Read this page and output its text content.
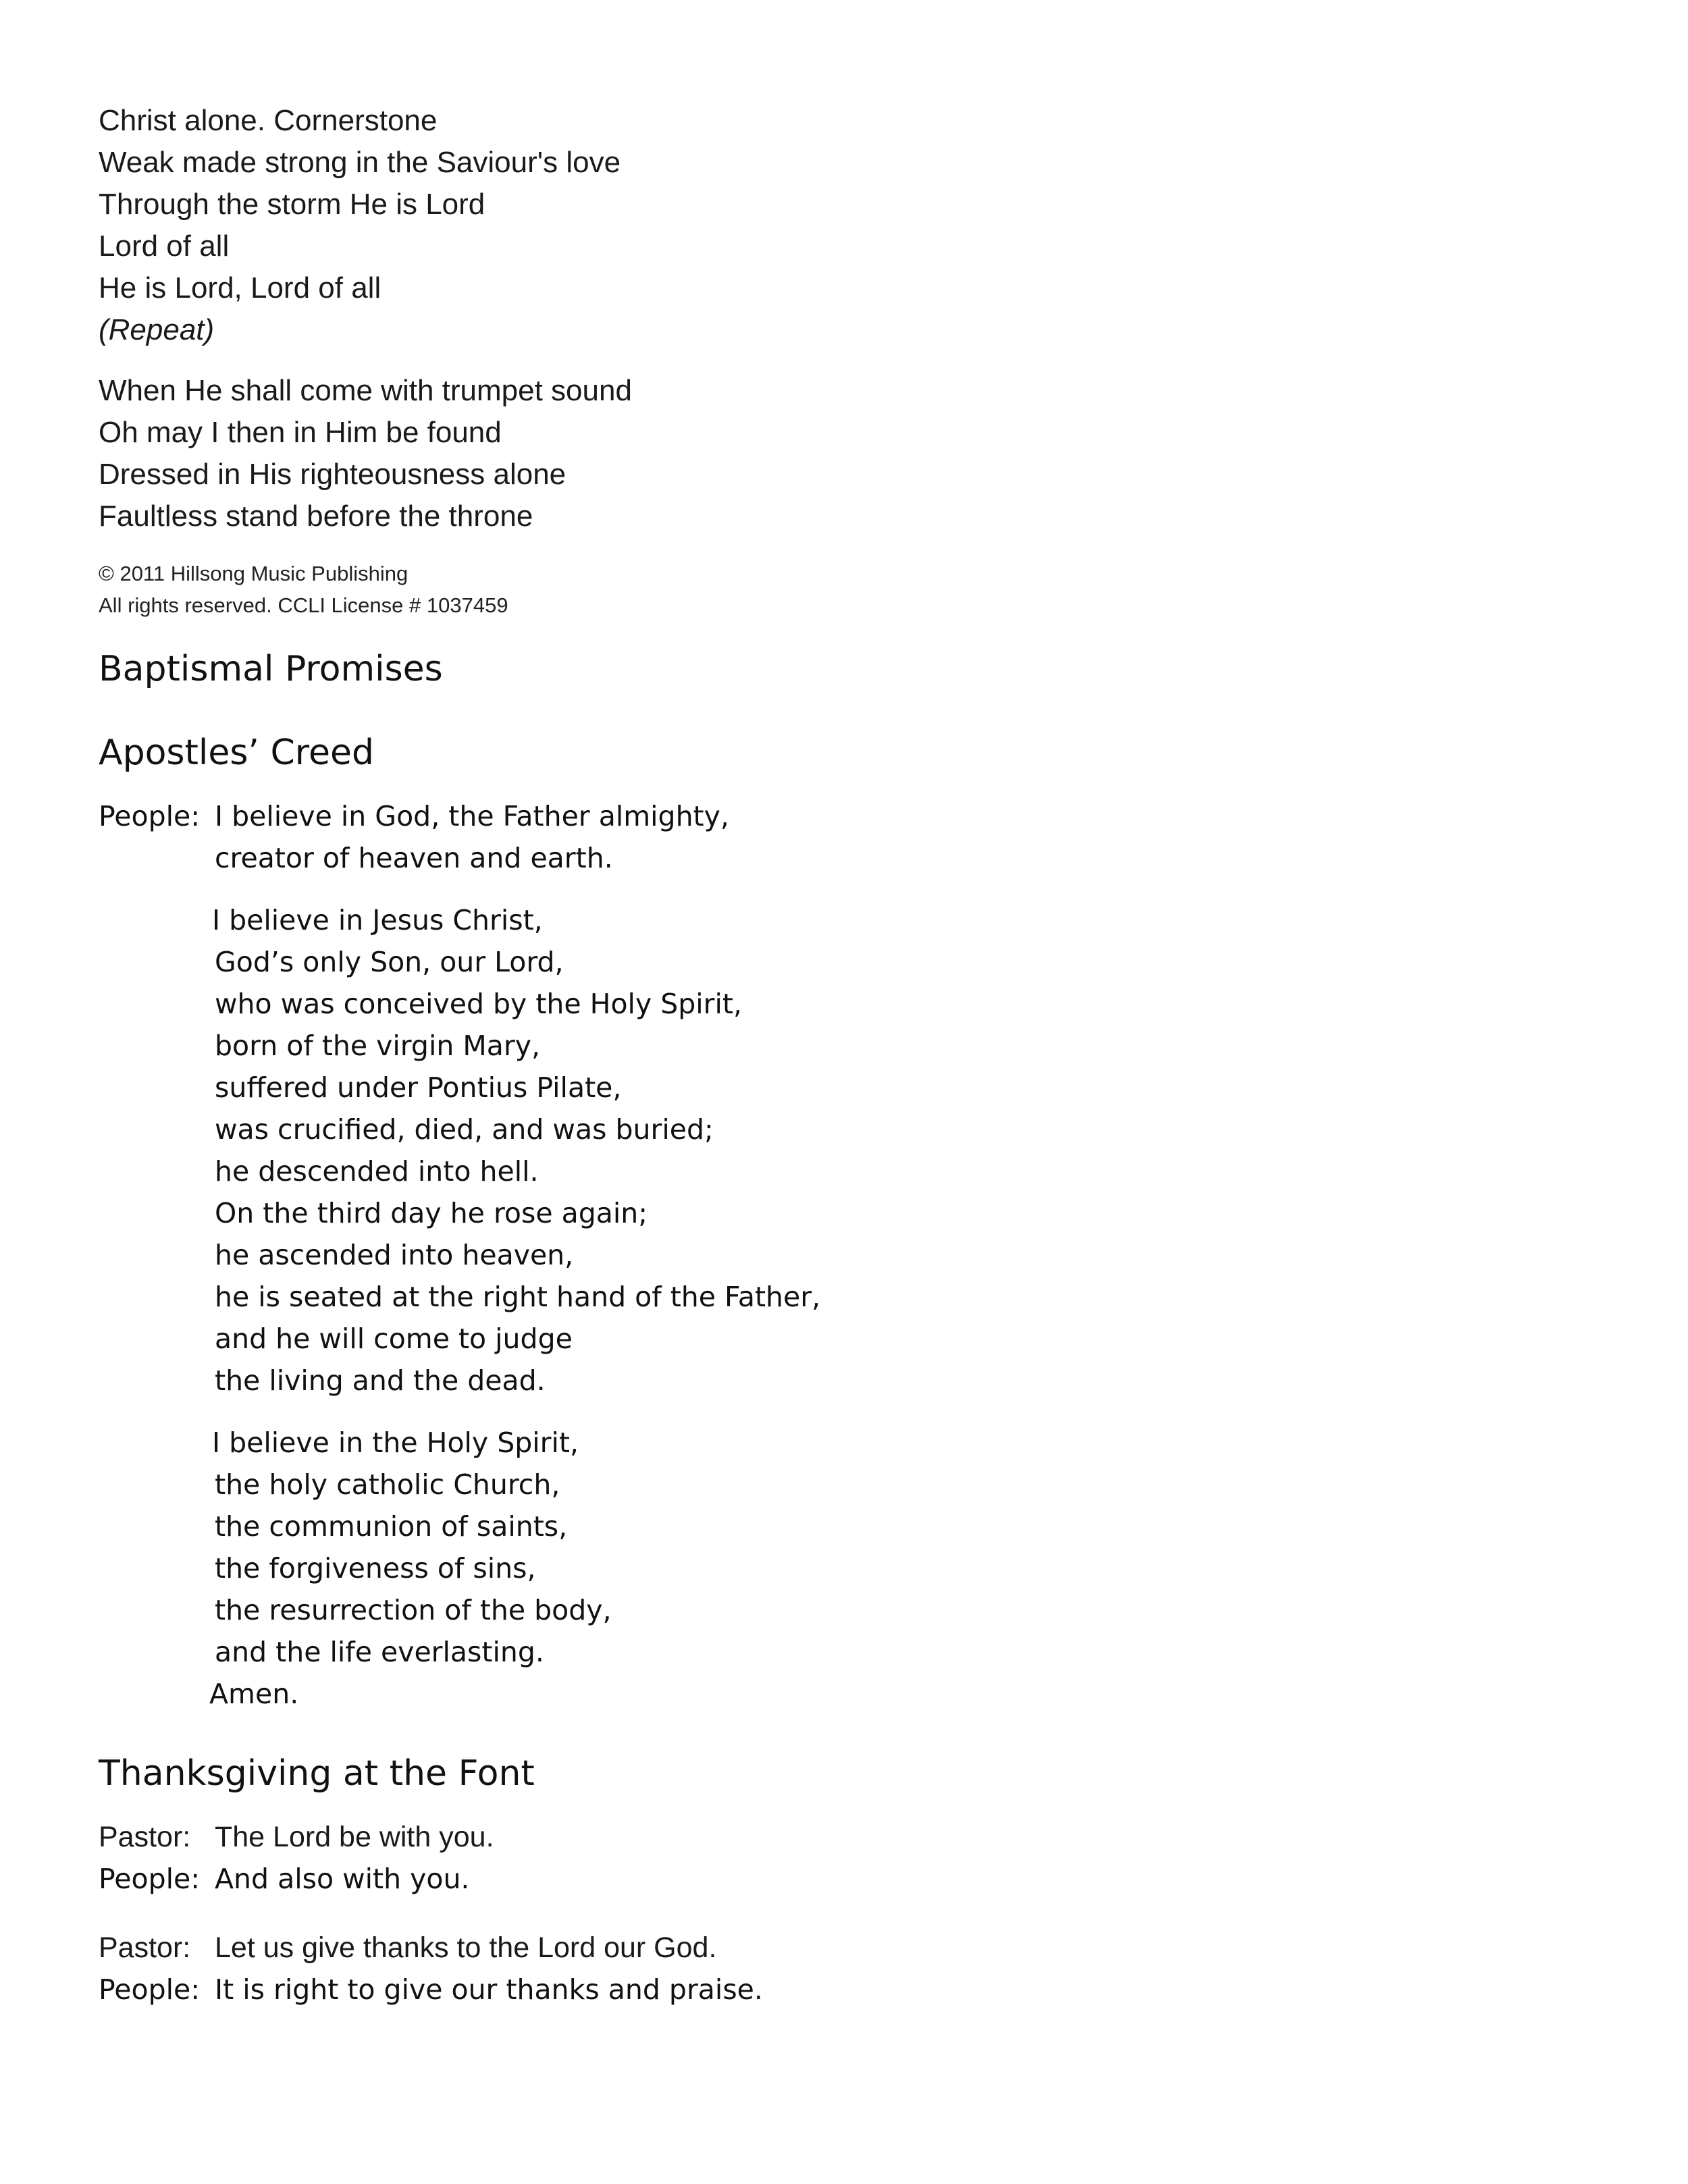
Christ alone. Cornerstone
Weak made strong in the Saviour's love
Through the storm He is Lord
Lord of all
He is Lord, Lord of all
(Repeat)
When He shall come with trumpet sound
Oh may I then in Him be found
Dressed in His righteousness alone
Faultless stand before the throne
© 2011 Hillsong Music Publishing
All rights reserved. CCLI License # 1037459
Baptismal Promises
Apostles’ Creed
People: I believe in God, the Father almighty,
creator of heaven and earth.
I believe in Jesus Christ,
God’s only Son, our Lord,
who was conceived by the Holy Spirit,
born of the virgin Mary,
suffered under Pontius Pilate,
was crucified, died, and was buried;
he descended into hell.
On the third day he rose again;
he ascended into heaven,
he is seated at the right hand of the Father,
and he will come to judge
the living and the dead.
I believe in the Holy Spirit,
the holy catholic Church,
the communion of saints,
the forgiveness of sins,
the resurrection of the body,
and the life everlasting.
Amen.
Thanksgiving at the Font
Pastor: The Lord be with you.
People: And also with you.
Pastor: Let us give thanks to the Lord our God.
People: It is right to give our thanks and praise.
